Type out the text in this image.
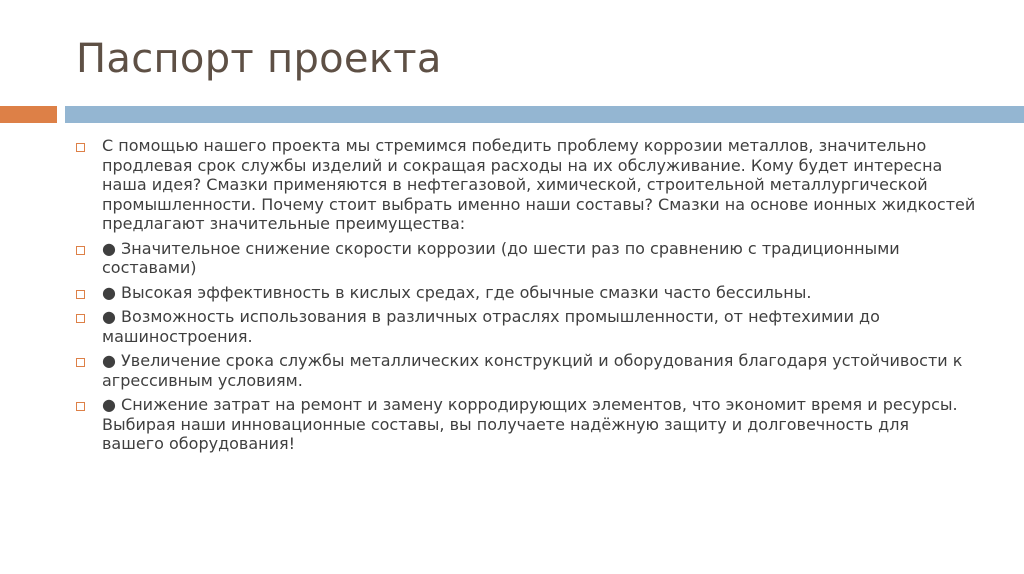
Паспорт проекта
С помощью нашего проекта мы стремимся победить проблему коррозии металлов, значительно продлевая срок службы изделий и сокращая расходы на их обслуживание. Кому будет интересна наша идея? Смазки применяются в нефтегазовой, химической, строительной металлургической промышленности. Почему стоит выбрать именно наши составы? Смазки на основе ионных жидкостей предлагают значительные преимущества:
● Значительное снижение скорости коррозии (до шести раз по сравнению с традиционными составами)
● Высокая эффективность в кислых средах, где обычные смазки часто бессильны.
● Возможность использования в различных отраслях промышленности, от нефтехимии до машиностроения.
● Увеличение срока службы металлических конструкций и оборудования благодаря устойчивости к агрессивным условиям.
● Снижение затрат на ремонт и замену корродирующих элементов, что экономит время и ресурсы. Выбирая наши инновационные составы, вы получаете надёжную защиту и долговечность для вашего оборудования!
